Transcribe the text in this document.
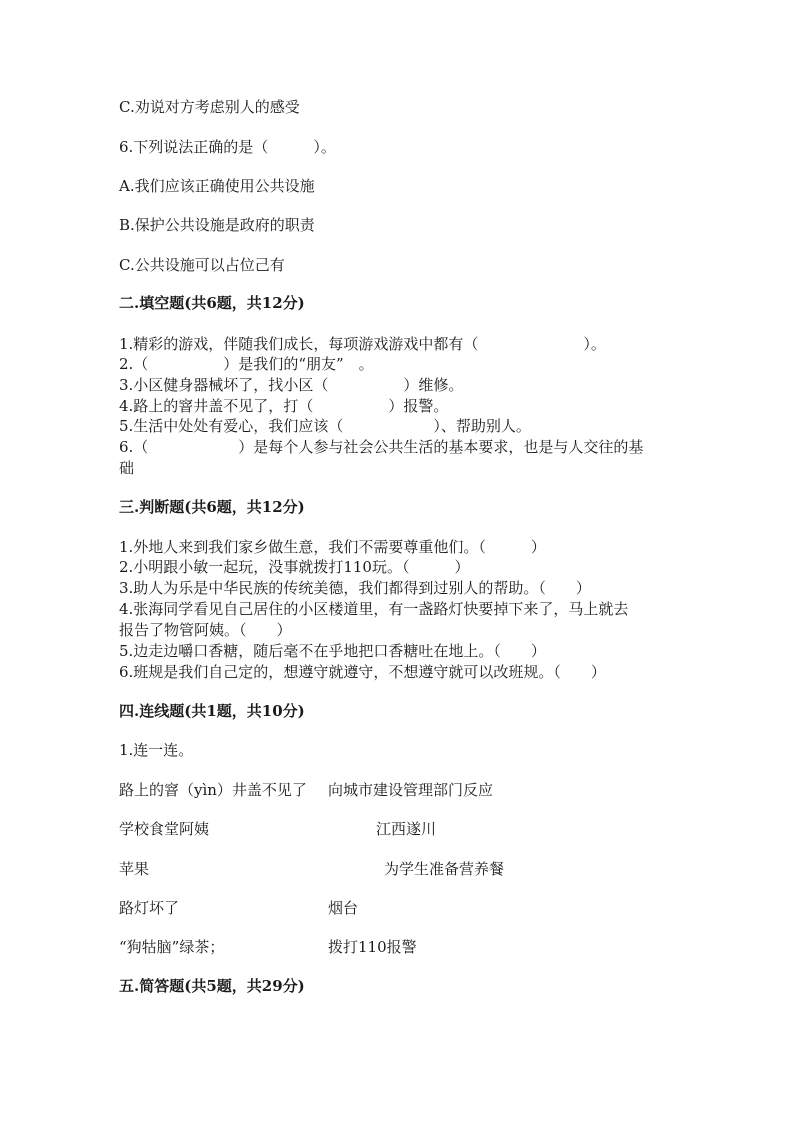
C.劝说对方考虑别人的感受
6.下列说法正确的是（　　　）。
A.我们应该正确使用公共设施
B.保护公共设施是政府的职责
C.公共设施可以占位己有
二.填空题(共6题，共12分)
1.精彩的游戏，伴随我们成长，每项游戏游戏中都有（　　　　　　　）。
2.（　　　　　）是我们的“朋友”　。
3.小区健身器械坏了，找小区（　　　　　）维修。
4.路上的窨井盖不见了，打（　　　　　）报警。
5.生活中处处有爱心，我们应该（　　　　　　）、帮助别人。
6.（　　　　　　）是每个人参与社会公共生活的基本要求，也是与人交往的基
础
三.判断题(共6题，共12分)
1.外地人来到我们家乡做生意，我们不需要尊重他们。（　　　）
2.小明跟小敏一起玩，没事就拨打110玩。（　　　）
3.助人为乐是中华民族的传统美德，我们都得到过别人的帮助。（　　）
4.张海同学看见自己居住的小区楼道里，有一盏路灯快要掉下来了，马上就去
报告了物管阿姨。（　　）
5.边走边嚼口香糖，随后毫不在乎地把口香糖吐在地上。（　　）
6.班规是我们自己定的，想遵守就遵守，不想遵守就可以改班规。（　　）
四.连线题(共1题，共10分)
1.连一连。
路上的窨（yìn）井盖不见了 向城市建设管理部门反应
学校食堂阿姨	江西遂川
苹果	为学生准备营养餐
路灯坏了	烟台
“狗牯脑”绿茶；	拨打110报警
五.简答题(共5题，共29分)
